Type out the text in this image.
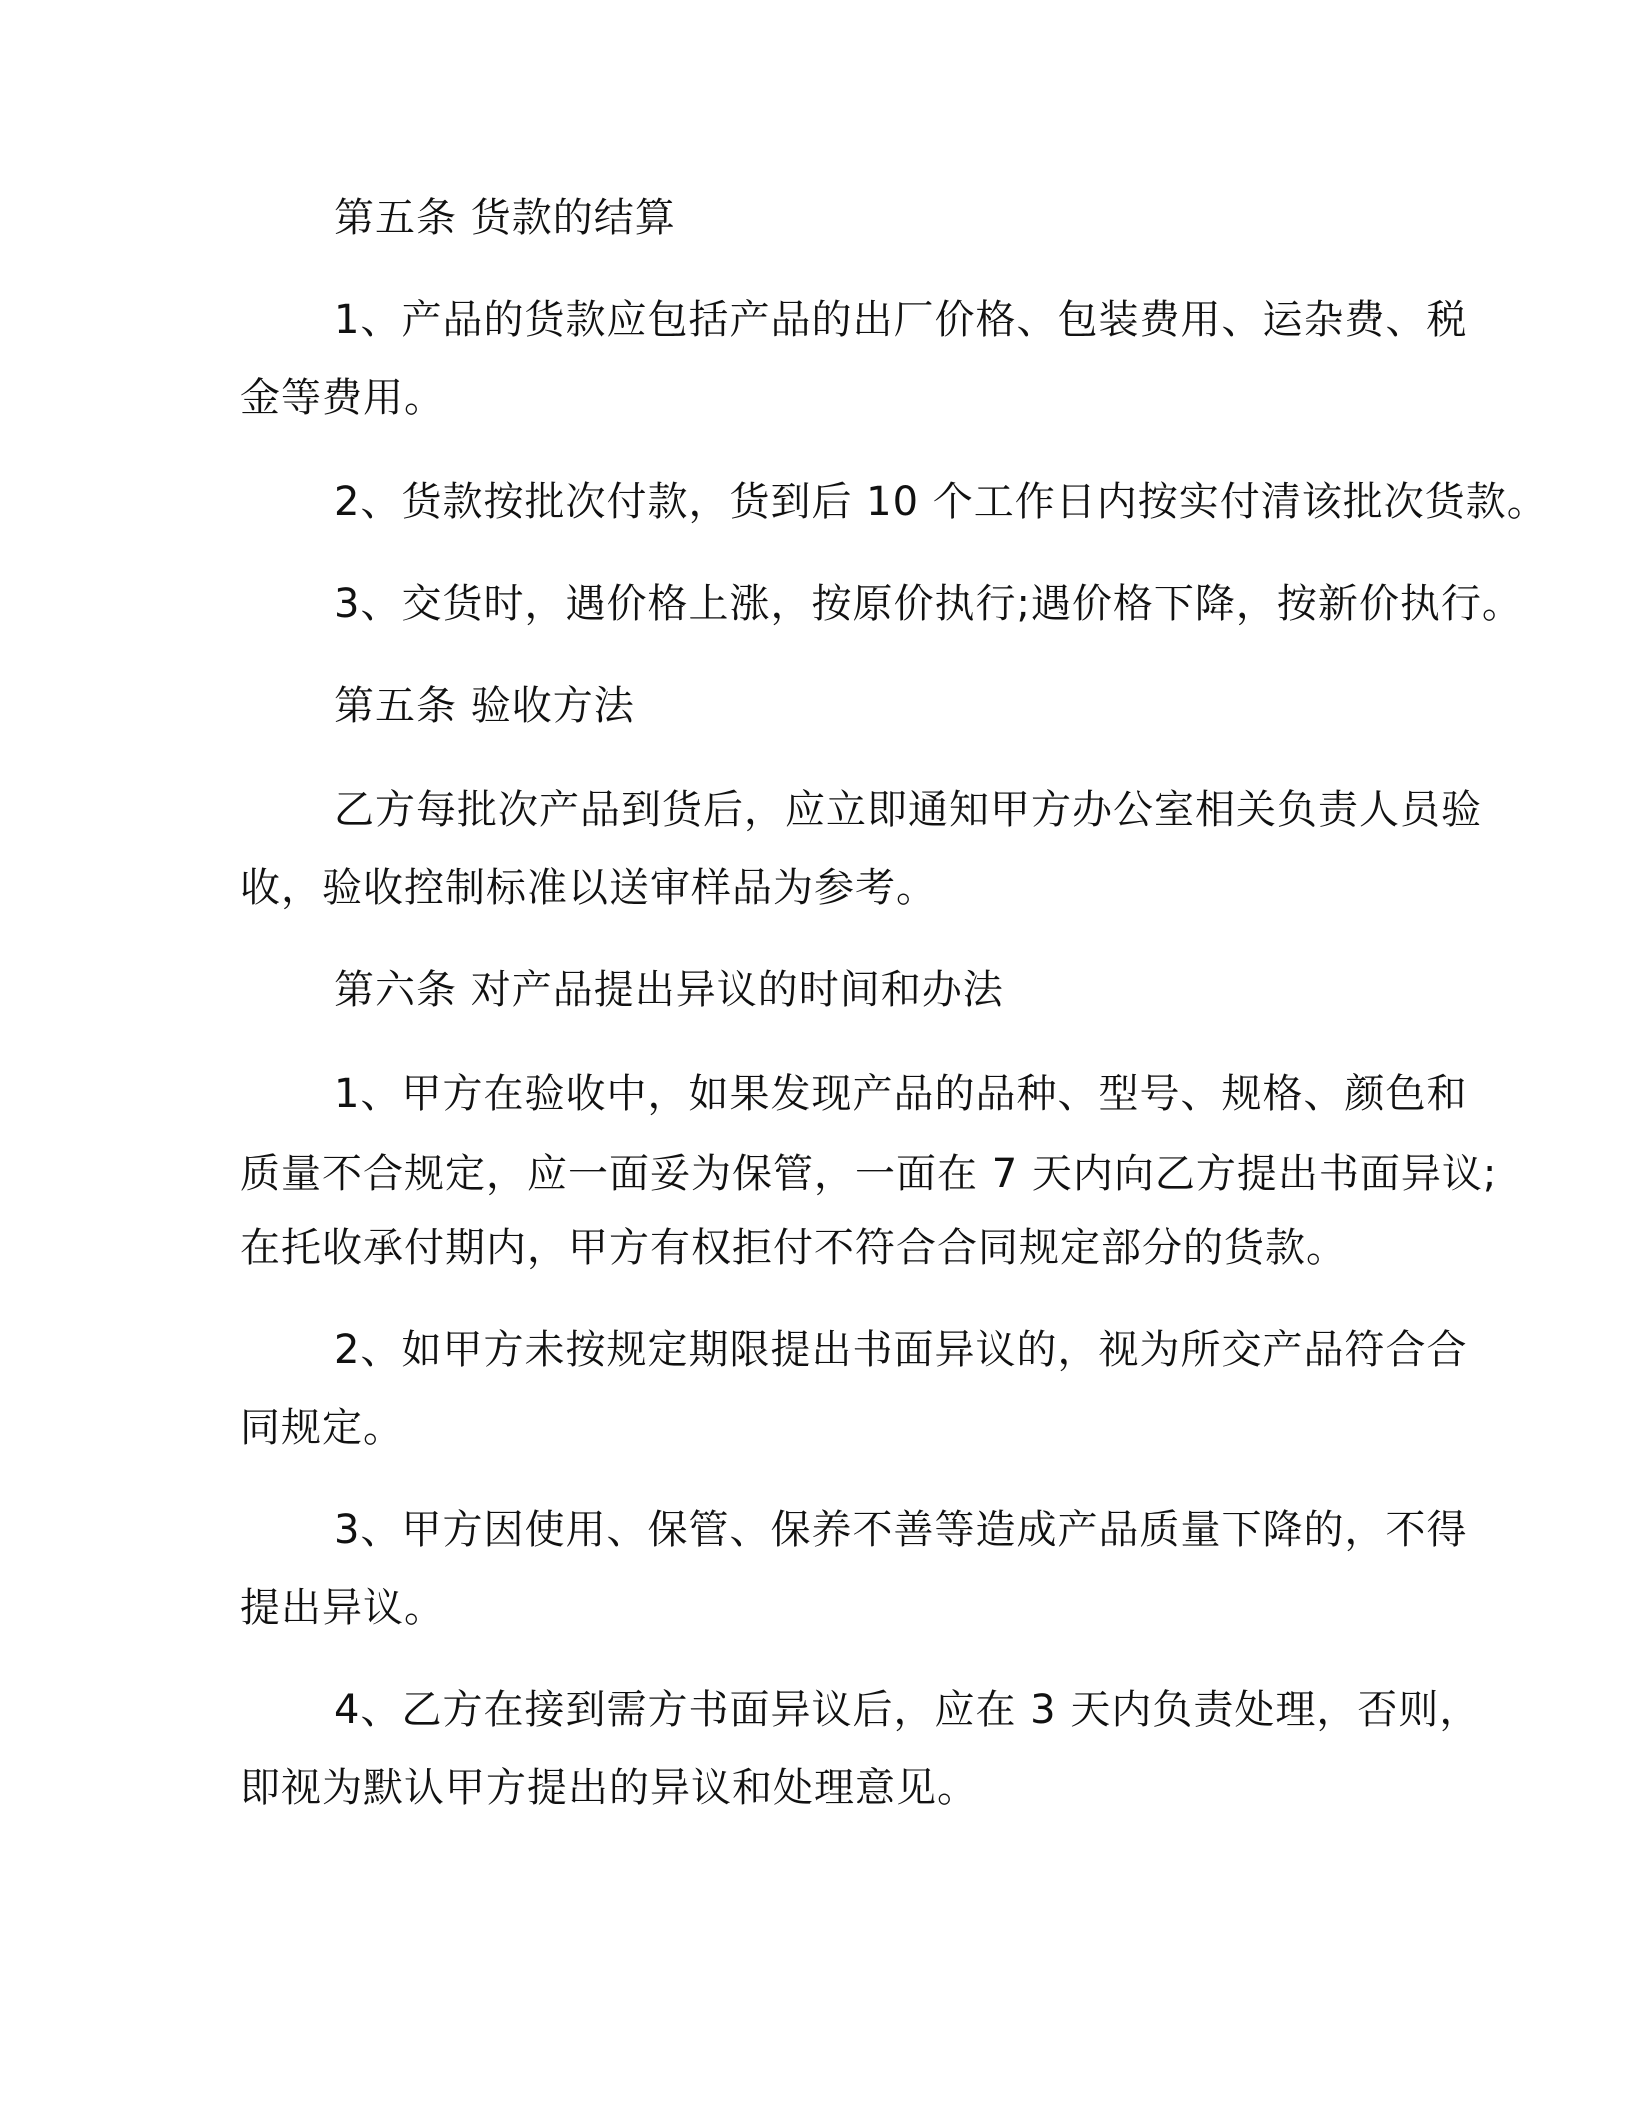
第五条 货款的结算
1、产品的货款应包括产品的出厂价格、包装费用、运杂费、税
金等费用。
2、货款按批次付款，货到后 10 个工作日内按实付清该批次货款。
3、交货时，遇价格上涨，按原价执行;遇价格下降，按新价执行。
第五条 验收方法
乙方每批次产品到货后，应立即通知甲方办公室相关负责人员验
收，验收控制标准以送审样品为参考。
第六条 对产品提出异议的时间和办法
1、甲方在验收中，如果发现产品的品种、型号、规格、颜色和
质量不合规定，应一面妥为保管，一面在 7 天内向乙方提出书面异议;
在托收承付期内，甲方有权拒付不符合合同规定部分的货款。
2、如甲方未按规定期限提出书面异议的，视为所交产品符合合
同规定。
3、甲方因使用、保管、保养不善等造成产品质量下降的，不得
提出异议。
4、乙方在接到需方书面异议后，应在 3 天内负责处理，否则，
即视为默认甲方提出的异议和处理意见。
